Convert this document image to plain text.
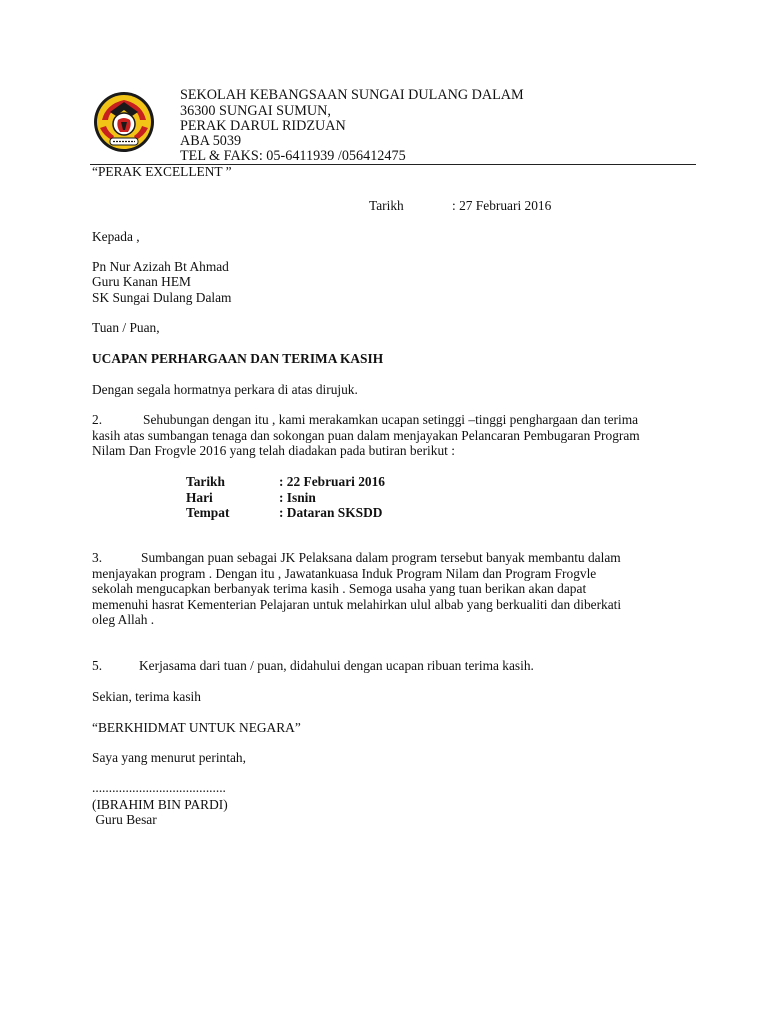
SEKOLAH KEBANGSAAN SUNGAI DULANG DALAM
36300 SUNGAI SUMUN,
PERAK DARUL RIDZUAN
ABA 5039
TEL & FAKS: 05-6411939 /056412475
“PERAK EXCELLENT ”
Tarikh	: 27 Februari 2016
Kepada ,
Pn Nur Azizah Bt Ahmad
Guru Kanan HEM
SK Sungai Dulang Dalam
Tuan / Puan,
UCAPAN PERHARGAAN DAN TERIMA KASIH
Dengan segala hormatnya perkara di atas dirujuk.
2.	Sehubungan dengan itu , kami merakamkan ucapan setinggi –tinggi penghargaan dan terima
kasih atas sumbangan tenaga dan sokongan puan dalam menjayakan Pelancaran Pembugaran Program
Nilam Dan Frogvle 2016 yang telah diadakan pada butiran berikut :
Tarikh	: 22 Februari 2016
Hari	: Isnin
Tempat	: Dataran SKSDD
3.	Sumbangan puan sebagai JK Pelaksana dalam program tersebut banyak membantu dalam
menjayakan program . Dengan itu , Jawatankuasa Induk Program Nilam dan Program Frogvle
sekolah mengucapkan berbanyak terima kasih . Semoga usaha yang tuan berikan akan dapat
memenuhi hasrat Kementerian Pelajaran untuk melahirkan ulul albab yang berkualiti dan diberkati
oleg Allah .
5.	Kerjasama dari tuan / puan, didahului dengan ucapan ribuan terima kasih.
Sekian, terima kasih
“BERKHIDMAT UNTUK NEGARA”
Saya yang menurut perintah,
........................................
(IBRAHIM BIN PARDI)
Guru Besar
